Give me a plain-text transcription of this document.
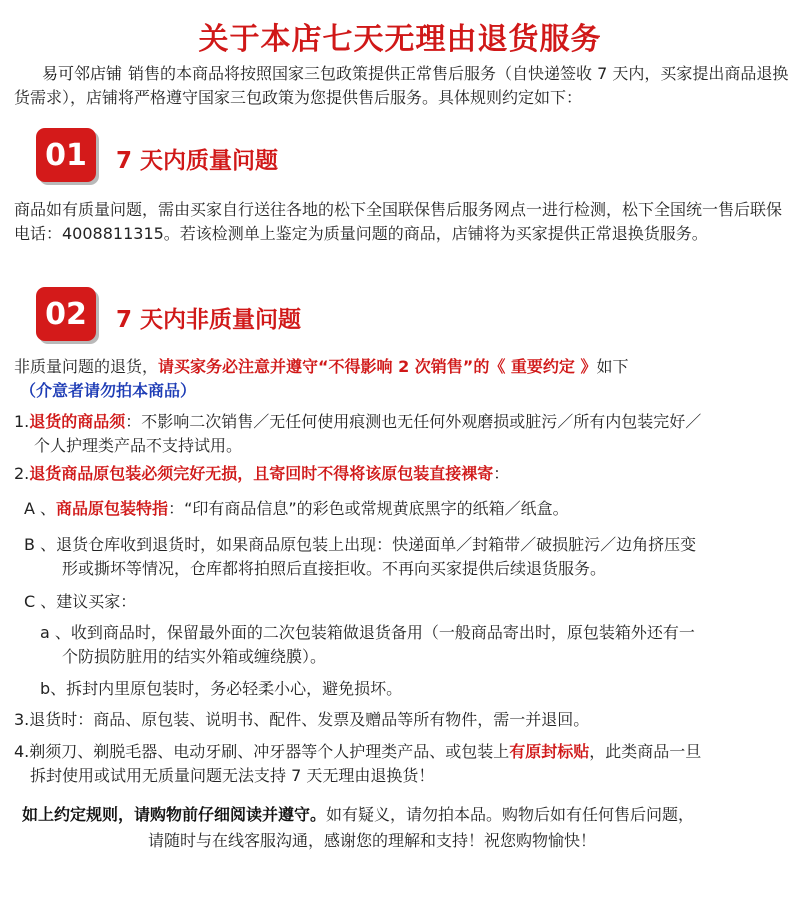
关于本店七天无理由退货服务
易可邻店铺 销售的本商品将按照国家三包政策提供正常售后服务（自快递签收 7 天内，买家提出商品退换货需求），店铺将严格遵守国家三包政策为您提供售后服务。具体规则约定如下：
01	7 天内质量问题
商品如有质量问题，需由买家自行送往各地的松下全国联保售后服务网点一进行检测，松下全国统一售后联保电话：4008811315。若该检测单上鉴定为质量问题的商品，店铺将为买家提供正常退换货服务。
02	7 天内非质量问题
非质量问题的退货，请买家务必注意并遵守“不得影响 2 次销售”的《 重要约定 》如下
（介意者请勿拍本商品）
1.退货的商品须：不影响二次销售／无任何使用痕测也无任何外观磨损或脏污／所有内包装完好／
个人护理类产品不支持试用。
2.退货商品原包装必须完好无损，且寄回时不得将该原包装直接裸寄：
A 、商品原包装特指：“印有商品信息”的彩色或常规黄底黑字的纸箱／纸盒。
B 、退货仓库收到退货时，如果商品原包装上出现：快递面单／封箱带／破损脏污／边角挤压变
形或撕坏等情况，仓库都将拍照后直接拒收。不再向买家提供后续退货服务。
C 、建议买家：
a 、收到商品时，保留最外面的二次包装箱做退货备用（一般商品寄出时，原包装箱外还有一
个防损防脏用的结实外箱或缠绕膜）。
b、拆封内里原包装时，务必轻柔小心，避免损坏。
3.退货时：商品、原包装、说明书、配件、发票及赠品等所有物件，需一并退回。
4.剃须刀、剃脱毛器、电动牙刷、冲牙器等个人护理类产品、或包装上有原封标贴，此类商品一旦
拆封使用或试用无质量问题无法支持 7 天无理由退换货！
如上约定规则，请购物前仔细阅读并遵守。如有疑义，请勿拍本品。购物后如有任何售后问题，
请随时与在线客服沟通，感谢您的理解和支持！祝您购物愉快！
